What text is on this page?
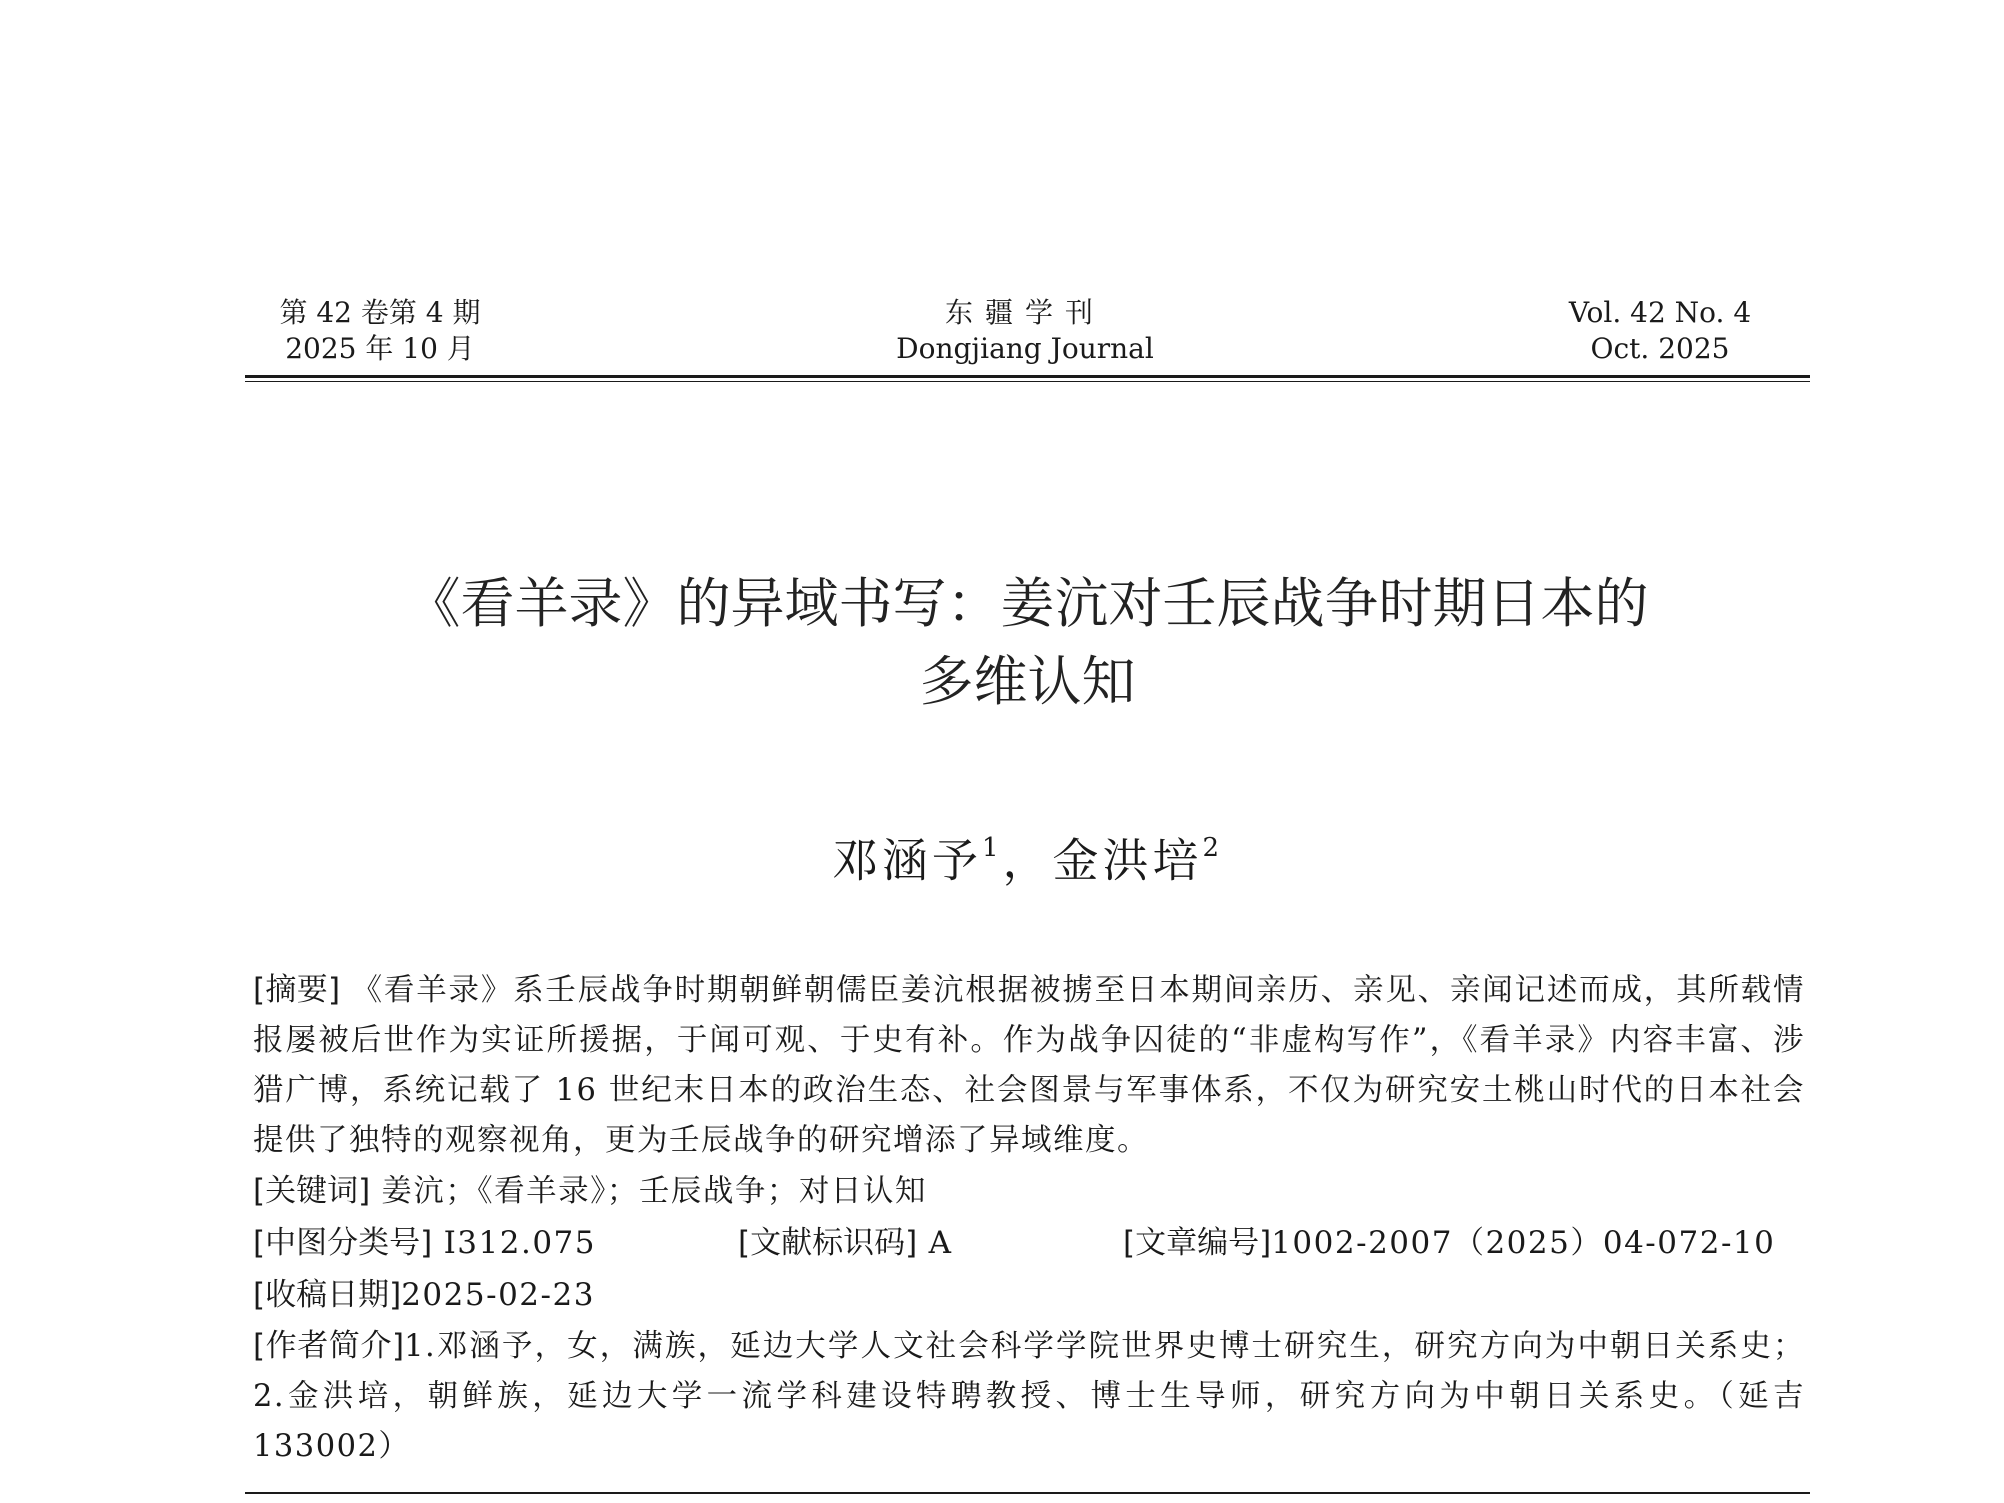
第 42 卷第 4 期
2025 年 10 月
东疆学刊
Dongjiang Journal
Vol. 42 No. 4
Oct. 2025
《看羊录》的异域书写：姜沆对壬辰战争时期日本的
多维认知
邓涵予$^1$，金洪培$^2$

[摘要] 《看羊录》系壬辰战争时期朝鲜朝儒臣姜沆根据被掳至日本期间亲历、亲见、亲闻记述而成，其所载情报屡被后世作为实证所援据，于闻可观、于史有补。作为战争囚徒的“非虚构写作”，《看羊录》内容丰富、涉猎广博，系统记载了 16 世纪末日本的政治生态、社会图景与军事体系，不仅为研究安土桃山时代的日本社会提供了独特的观察视角，更为壬辰战争的研究增添了异域维度。

[关键词] 姜沆；《看羊录》；壬辰战争；对日认知

[中图分类号] I312.075	[文献标识码] A	[文章编号]1002-2007（2025）04-072-10
[收稿日期]2025-02-23

[作者简介]1.邓涵予，女，满族，延边大学人文社会科学学院世界史博士研究生，研究方向为中朝日关系史；2.金洪培，朝鲜族，延边大学一流学科建设特聘教授、博士生导师，研究方向为中朝日关系史。（延吉 133002）
